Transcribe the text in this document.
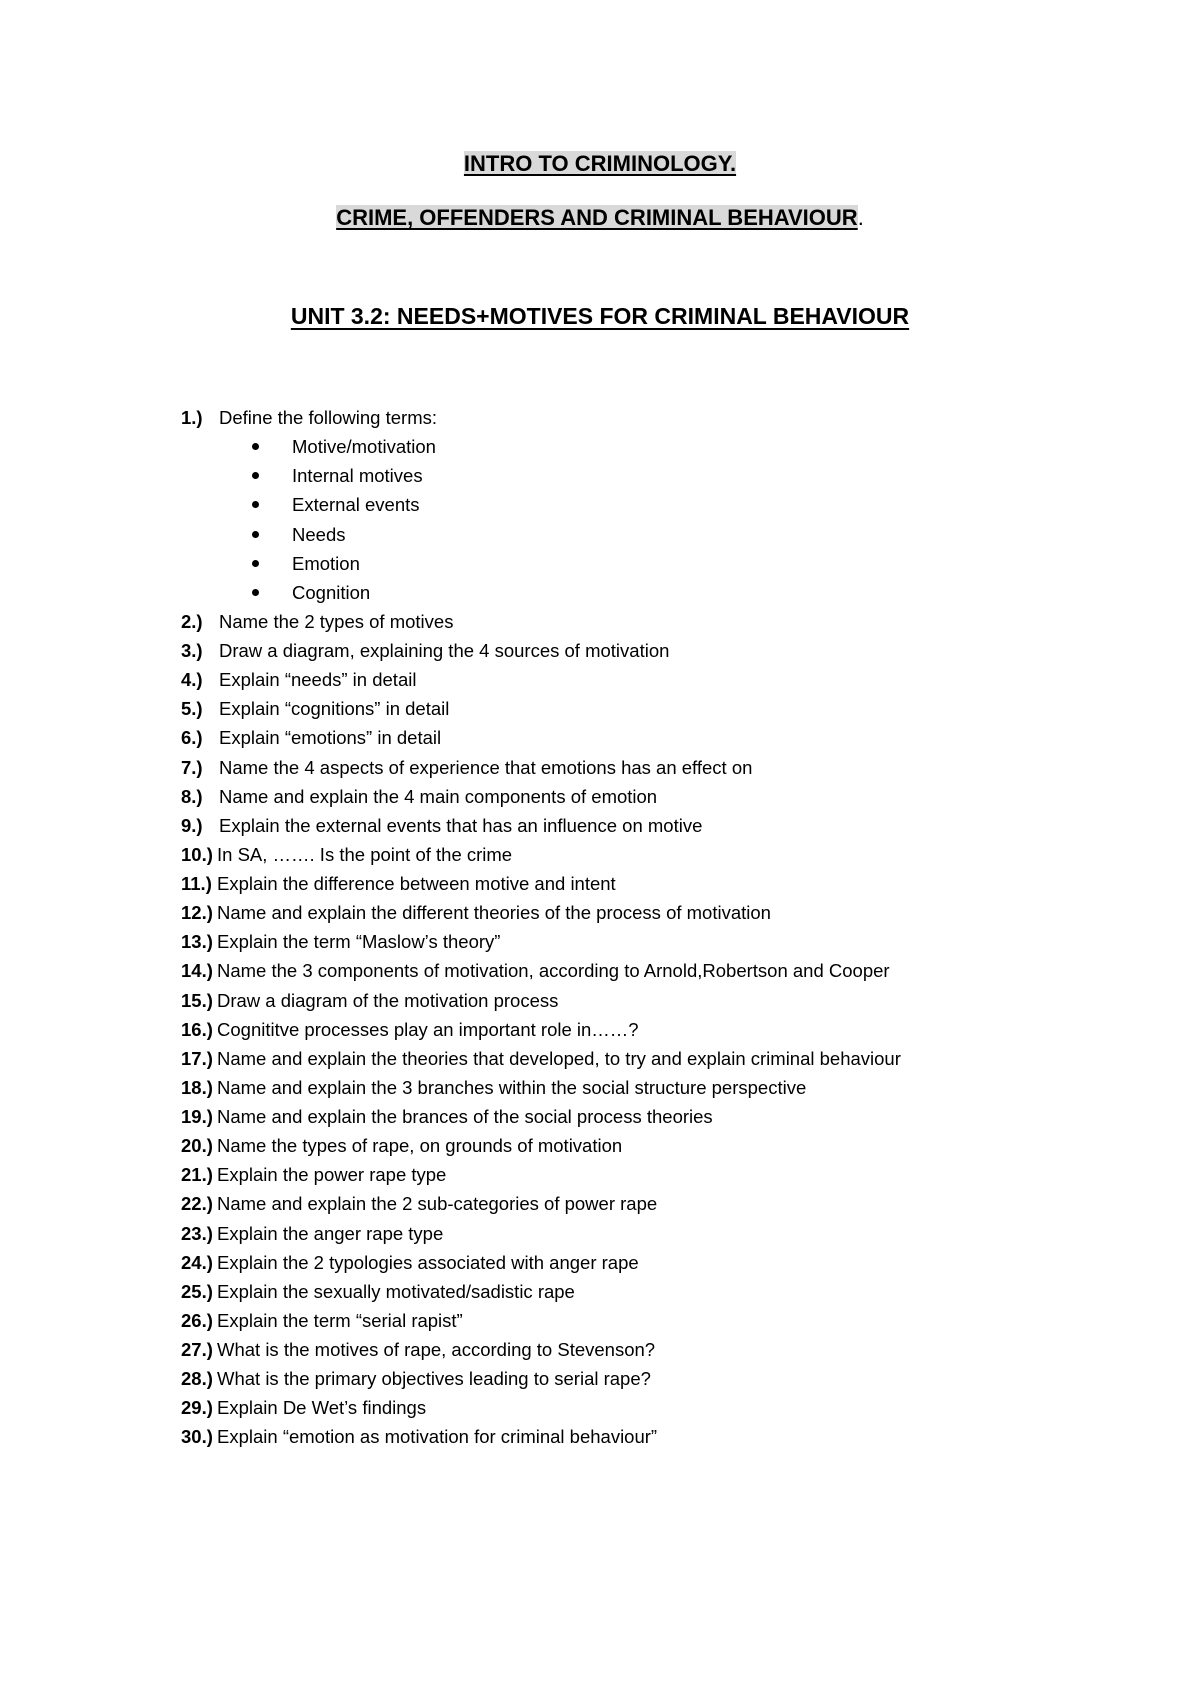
INTRO TO CRIMINOLOGY.
CRIME, OFFENDERS AND CRIMINAL BEHAVIOUR.
UNIT 3.2: NEEDS+MOTIVES FOR CRIMINAL BEHAVIOUR
1.) Define the following terms:
Motive/motivation
Internal motives
External events
Needs
Emotion
Cognition
2.) Name the 2 types of motives
3.) Draw a diagram, explaining the 4 sources of motivation
4.) Explain “needs” in detail
5.) Explain “cognitions” in detail
6.) Explain “emotions” in detail
7.) Name the 4 aspects of experience that emotions has an effect on
8.) Name and explain the 4 main components of emotion
9.) Explain the external events that has an influence on motive
10.) In SA, ……. Is the point of the crime
11.) Explain the difference between motive and intent
12.) Name and explain the different theories of the process of motivation
13.) Explain the term “Maslow’s theory”
14.) Name the 3 components of motivation, according to Arnold,Robertson and Cooper
15.) Draw a diagram of the motivation process
16.) Cognititve processes play an important role in……?
17.) Name and explain the theories that developed, to try and explain criminal behaviour
18.) Name and explain the 3 branches within the social structure perspective
19.) Name and explain the brances of the social process theories
20.) Name the types of rape, on grounds of motivation
21.) Explain the power rape type
22.) Name and explain the 2 sub-categories of power rape
23.) Explain the anger rape type
24.) Explain the 2 typologies associated with anger rape
25.) Explain the sexually motivated/sadistic rape
26.) Explain the term “serial rapist”
27.) What is the motives of rape, according to Stevenson?
28.) What is the primary objectives leading to serial rape?
29.) Explain De Wet’s findings
30.) Explain “emotion as motivation for criminal behaviour”
